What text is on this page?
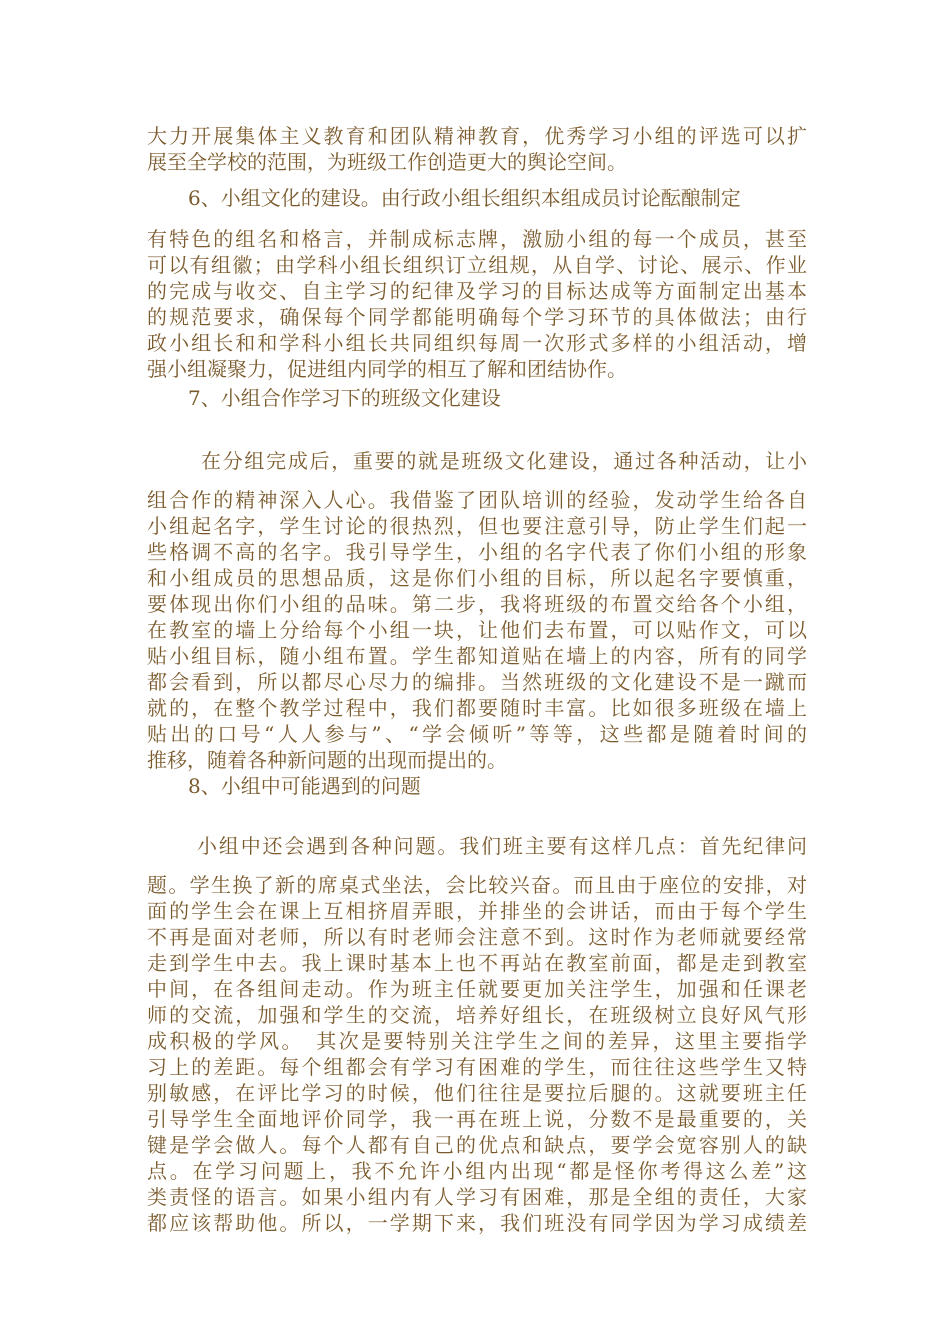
大力开展集体主义教育和团队精神教育，优秀学习小组的评选可以扩
展至全学校的范围，为班级工作创造更大的舆论空间。
6、小组文化的建设。由行政小组长组织本组成员讨论酝酿制定
有特色的组名和格言，并制成标志牌，激励小组的每一个成员，甚至
可以有组徽；由学科小组长组织订立组规，从自学、讨论、展示、作业
的完成与收交、自主学习的纪律及学习的目标达成等方面制定出基本
的规范要求，确保每个同学都能明确每个学习环节的具体做法；由行
政小组长和和学科小组长共同组织每周一次形式多样的小组活动，增
强小组凝聚力，促进组内同学的相互了解和团结协作。
7、小组合作学习下的班级文化建设
在分组完成后，重要的就是班级文化建设，通过各种活动，让小
组合作的精神深入人心。我借鉴了团队培训的经验，发动学生给各自
小组起名字，学生讨论的很热烈，但也要注意引导，防止学生们起一
些格调不高的名字。我引导学生，小组的名字代表了你们小组的形象
和小组成员的思想品质，这是你们小组的目标，所以起名字要慎重，
要体现出你们小组的品味。第二步，我将班级的布置交给各个小组，
在教室的墙上分给每个小组一块，让他们去布置，可以贴作文，可以
贴小组目标，随小组布置。学生都知道贴在墙上的内容，所有的同学
都会看到，所以都尽心尽力的编排。当然班级的文化建设不是一蹴而
就的，在整个教学过程中，我们都要随时丰富。比如很多班级在墙上
贴出的口号“人人参与”、“学会倾听”等等，这些都是随着时间的
推移，随着各种新问题的出现而提出的。
8、小组中可能遇到的问题
小组中还会遇到各种问题。我们班主要有这样几点：首先纪律问
题。学生换了新的席桌式坐法，会比较兴奋。而且由于座位的安排，对
面的学生会在课上互相挤眉弄眼，并排坐的会讲话，而由于每个学生
不再是面对老师，所以有时老师会注意不到。这时作为老师就要经常
走到学生中去。我上课时基本上也不再站在教室前面，都是走到教室
中间，在各组间走动。作为班主任就要更加关注学生，加强和任课老
师的交流，加强和学生的交流，培养好组长，在班级树立良好风气形
成积极的学风。　其次是要特别关注学生之间的差异，这里主要指学
习上的差距。每个组都会有学习有困难的学生，而往往这些学生又特
别敏感，在评比学习的时候，他们往往是要拉后腿的。这就要班主任
引导学生全面地评价同学，我一再在班上说，分数不是最重要的，关
键是学会做人。每个人都有自己的优点和缺点，要学会宽容别人的缺
点。在学习问题上，我不允许小组内出现“都是怪你考得这么差”这
类责怪的语言。如果小组内有人学习有困难，那是全组的责任，大家
都应该帮助他。所以，一学期下来，我们班没有同学因为学习成绩差
